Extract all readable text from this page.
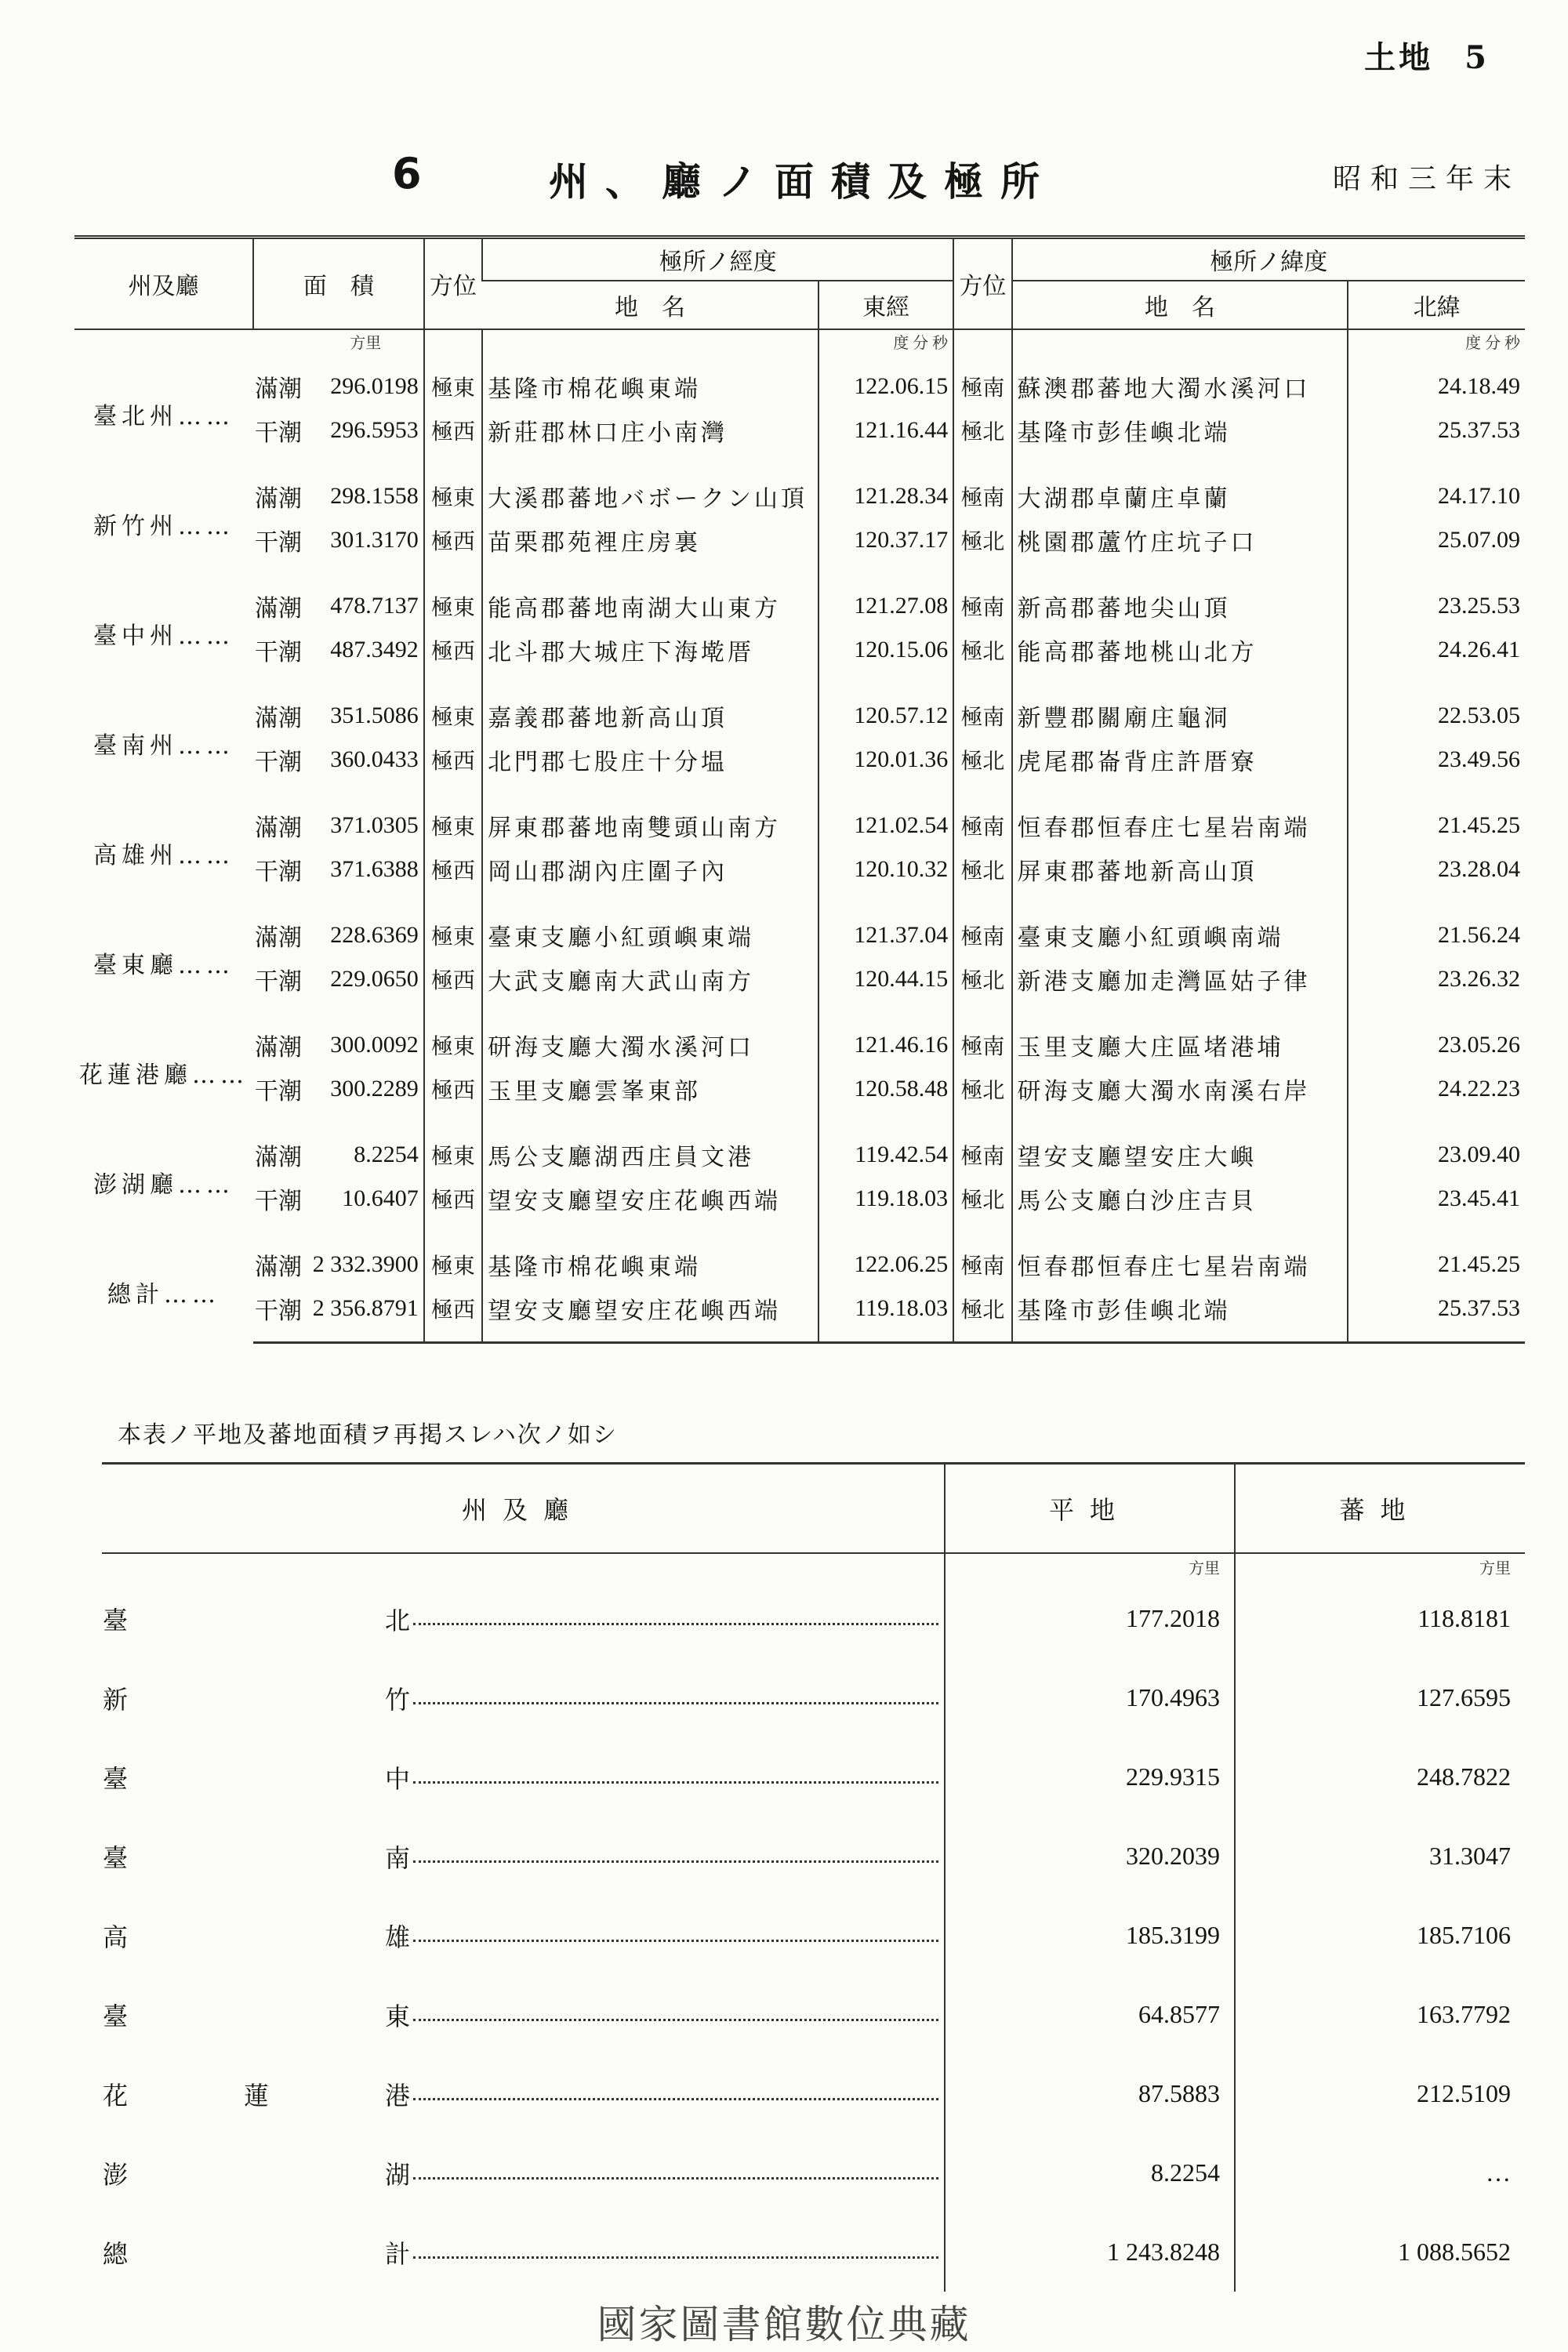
土地 5
6	州、廳ノ面積及極所	昭和三年末
州及廳	面　積		方位	極所ノ經度		方位	極所ノ緯度	
				地　名	東經		地　名	北緯
		方里			度 分 秒			度 分 秒
臺北州……	滿潮	296.0198	極東	基隆市棉花嶼東端	122.06.15	極南	蘇澳郡蕃地大濁水溪河口	24.18.49
	干潮	296.5953	極西	新莊郡林口庄小南灣	121.16.44	極北	基隆市彭佳嶼北端	25.37.53
新竹州……	滿潮	298.1558	極東	大溪郡蕃地バボークン山頂	121.28.34	極南	大湖郡卓蘭庄卓蘭	24.17.10
	干潮	301.3170	極西	苗栗郡苑裡庄房裏	120.37.17	極北	桃園郡蘆竹庄坑子口	25.07.09
臺中州……	滿潮	478.7137	極東	能高郡蕃地南湖大山東方	121.27.08	極南	新高郡蕃地尖山頂	23.25.53
	干潮	487.3492	極西	北斗郡大城庄下海墘厝	120.15.06	極北	能高郡蕃地桃山北方	24.26.41
臺南州……	滿潮	351.5086	極東	嘉義郡蕃地新高山頂	120.57.12	極南	新豐郡關廟庄龜洞	22.53.05
	干潮	360.0433	極西	北門郡七股庄十分塭	120.01.36	極北	虎尾郡崙背庄許厝寮	23.49.56
高雄州……	滿潮	371.0305	極東	屏東郡蕃地南雙頭山南方	121.02.54	極南	恒春郡恒春庄七星岩南端	21.45.25
	干潮	371.6388	極西	岡山郡湖內庄圍子內	120.10.32	極北	屏東郡蕃地新高山頂	23.28.04
臺東廳……	滿潮	228.6369	極東	臺東支廳小紅頭嶼東端	121.37.04	極南	臺東支廳小紅頭嶼南端	21.56.24
	干潮	229.0650	極西	大武支廳南大武山南方	120.44.15	極北	新港支廳加走灣區姑子律	23.26.32
花蓮港廳……	滿潮	300.0092	極東	研海支廳大濁水溪河口	121.46.16	極南	玉里支廳大庄區堵港埔	23.05.26
	干潮	300.2289	極西	玉里支廳雲峯東部	120.58.48	極北	研海支廳大濁水南溪右岸	24.22.23
澎湖廳……	滿潮	8.2254	極東	馬公支廳湖西庄員文港	119.42.54	極南	望安支廳望安庄大嶼	23.09.40
	干潮	10.6407	極西	望安支廳望安庄花嶼西端	119.18.03	極北	馬公支廳白沙庄吉貝	23.45.41
總計……	滿潮	2 332.3900	極東	基隆市棉花嶼東端	122.06.25	極南	恒春郡恒春庄七星岩南端	21.45.25
	干潮	2 356.8791	極西	望安支廳望安庄花嶼西端	119.18.03	極北	基隆市彭佳嶼北端	25.37.53
本表ノ平地及蕃地面積ヲ再掲スレハ次ノ如シ
州及廳	平地	蕃地
	方里	方里

臺 北	177.2018	118.8181

新 竹	170.4963	127.6595

臺 中	229.9315	248.7822

臺 南	320.2039	31.3047

高 雄	185.3199	185.7106

臺 東	64.8577	163.7792

花 蓮 港	87.5883	212.5109

澎 湖	8.2254	…

總 計	1 243.8248	1 088.5652
國家圖書館數位典藏
